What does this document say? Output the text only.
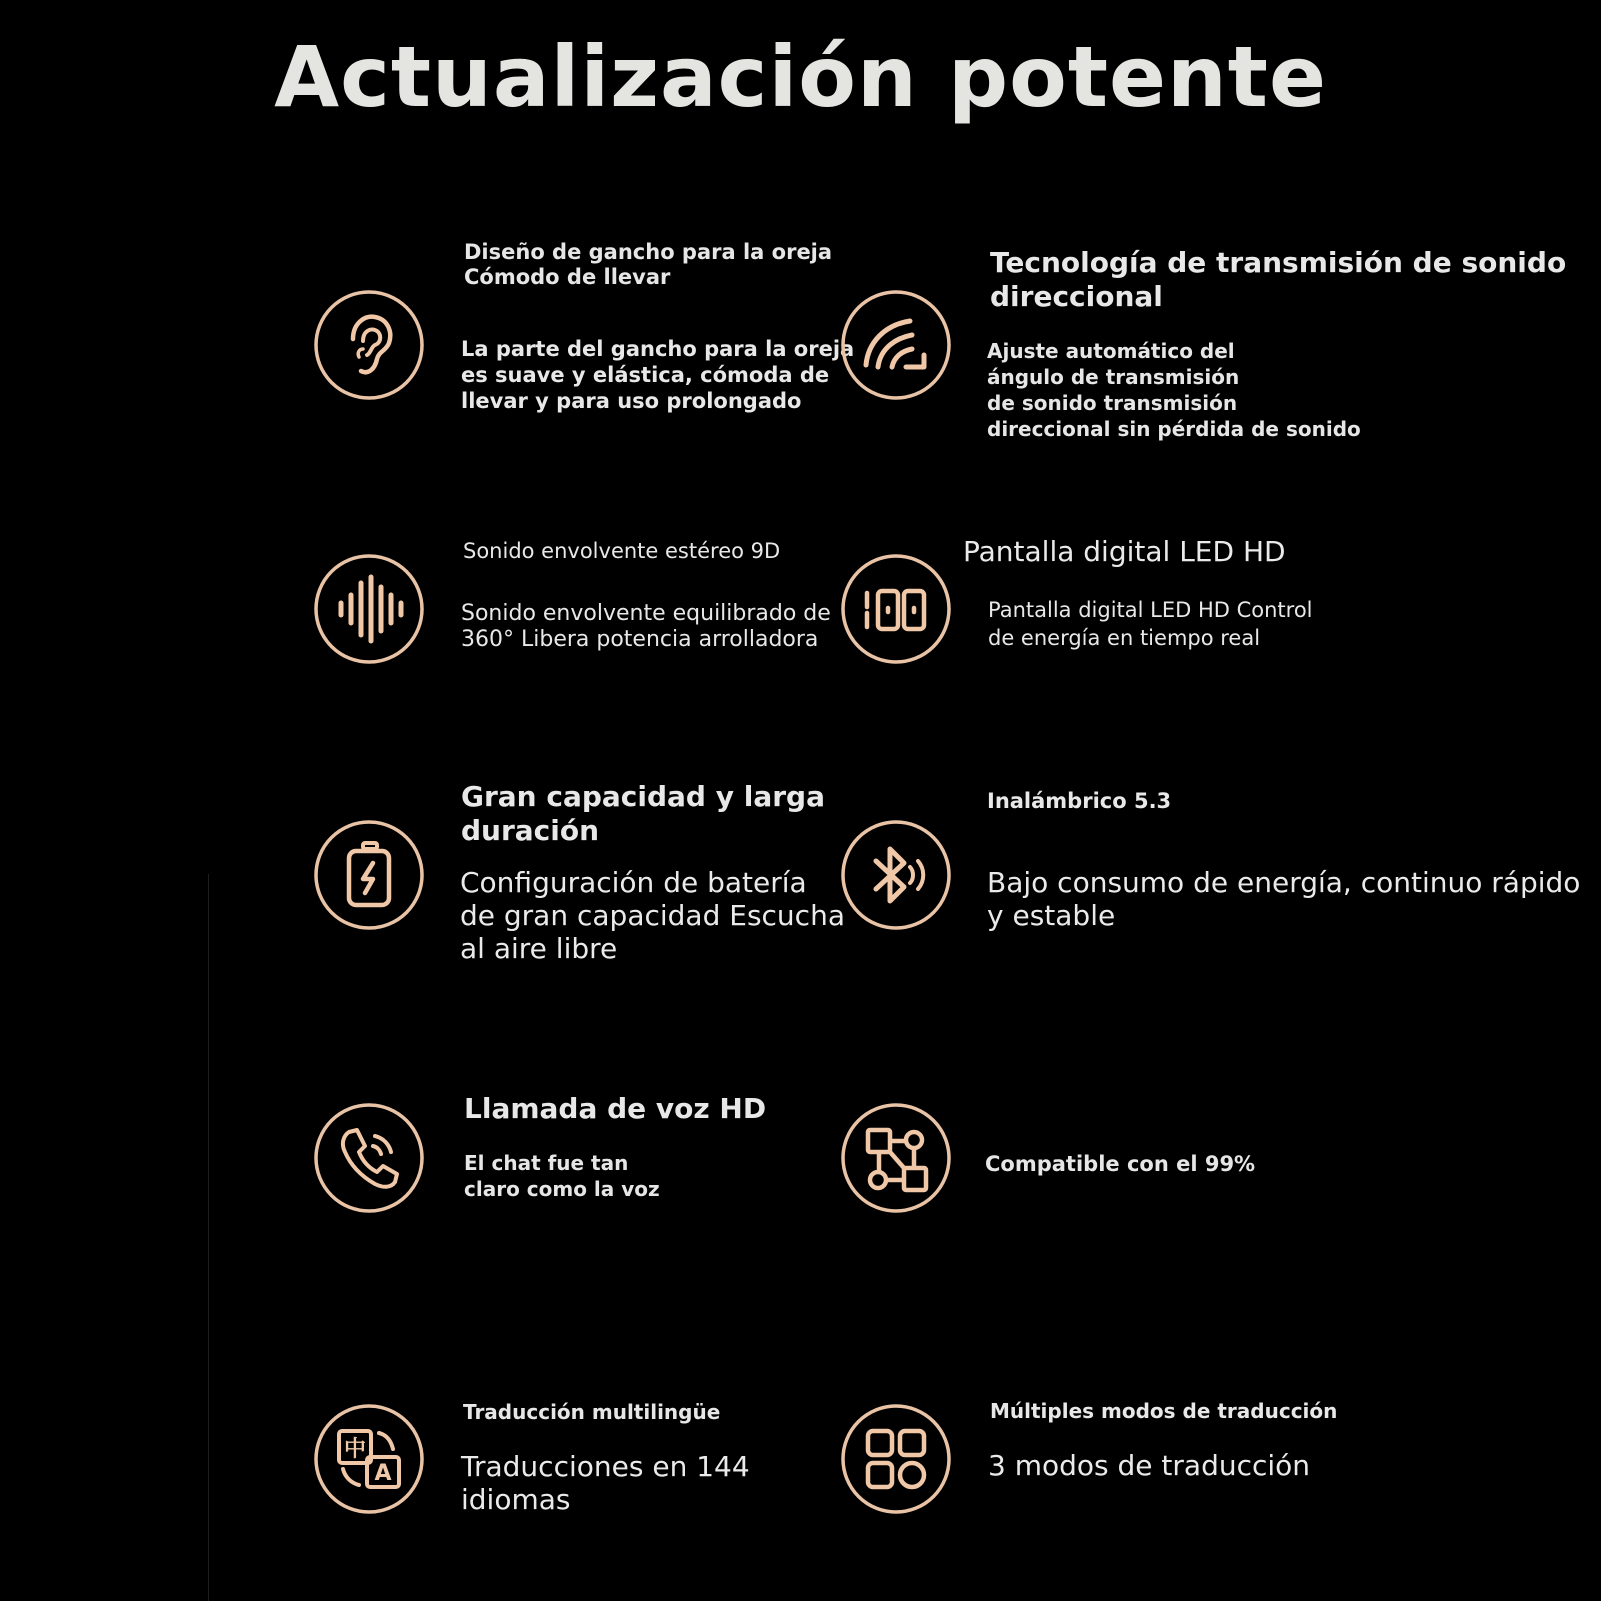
Actualización potente

Diseño de gancho para la oreja
Cómodo de llevar

La parte del gancho para la oreja
es suave y elástica, cómoda de
llevar y para uso prolongado

Tecnología de transmisión de sonido
direccional

Ajuste automático del
ángulo de transmisión
de sonido transmisión
direccional sin pérdida de sonido

Sonido envolvente estéreo 9D

Sonido envolvente equilibrado de
360° Libera potencia arrolladora

Pantalla digital LED HD

Pantalla digital LED HD Control
de energía en tiempo real

Gran capacidad y larga
duración

Configuración de batería
de gran capacidad Escucha
al aire libre

Inalámbrico 5.3

Bajo consumo de energía, continuo rápido
y estable

Llamada de voz HD

El chat fue tan
claro como la voz

Compatible con el 99%

中
A

Traducción multilingüe

Traducciones en 144
idiomas

Múltiples modos de traducción

3 modos de traducción
